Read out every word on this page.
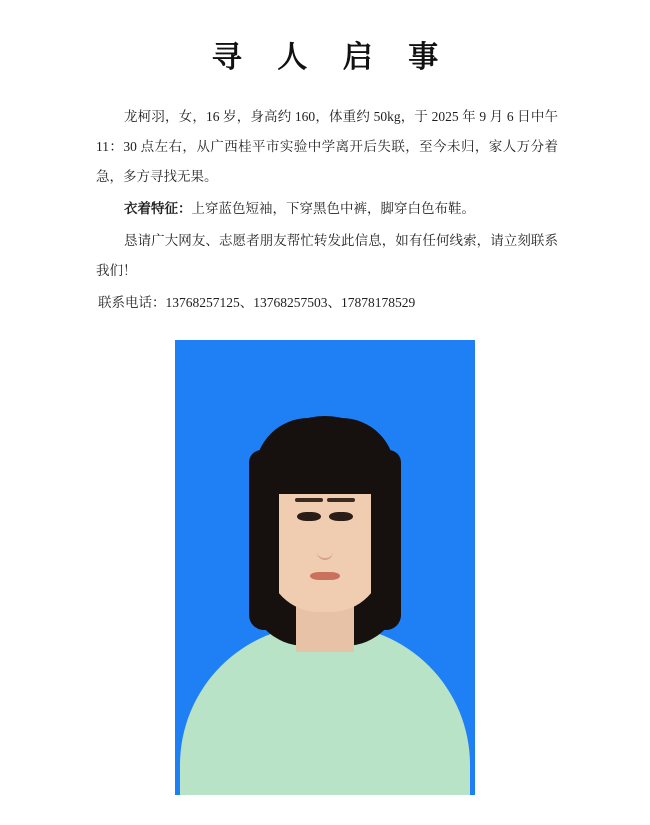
寻 人 启 事

龙柯羽，女，16 岁，身高约 160，体重约 50kg，于 2025 年 9 月 6 日中午 11：30 点左右，从广西桂平市实验中学离开后失联，至今未归，家人万分着急，多方寻找无果。

衣着特征：上穿蓝色短袖，下穿黑色中裤，脚穿白色布鞋。

恳请广大网友、志愿者朋友帮忙转发此信息，如有任何线索，请立刻联系我们！

联系电话：13768257125、13768257503、17878178529
